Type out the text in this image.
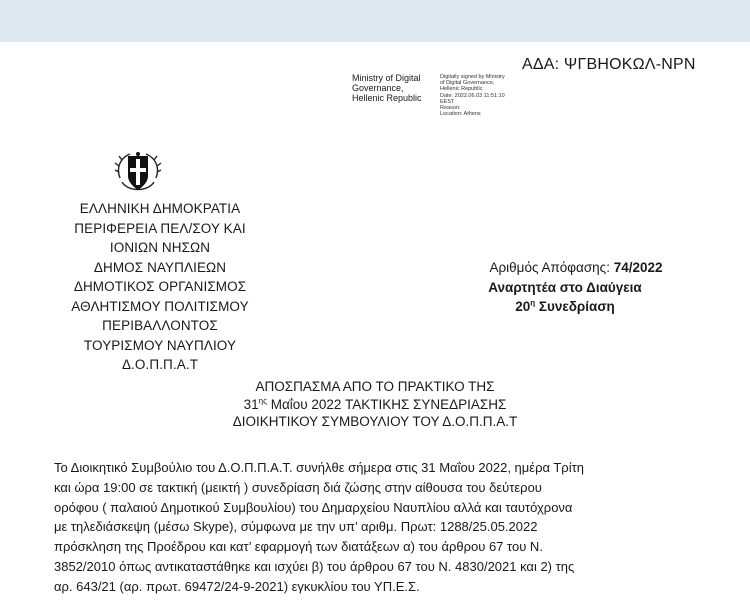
ΑΔΑ: ΨΓΒΗΟΚΩΛ-ΝΡΝ
Ministry of Digital
Governance,
Hellenic Republic
Digitally signed by Ministry
of Digital Governance,
Hellenic Republic
Date: 2022.06.03 11:51:10
EEST
Reason:
Location: Athens
ΕΛΛΗΝΙΚΗ ΔΗΜΟΚΡΑΤΙΑ
ΠΕΡΙΦΕΡΕΙΑ ΠΕΛ/ΣΟΥ ΚΑΙ
ΙΟΝΙΩΝ ΝΗΣΩΝ
ΔΗΜΟΣ ΝΑΥΠΛΙΕΩΝ
ΔΗΜΟΤΙΚΟΣ ΟΡΓΑΝΙΣΜΟΣ
ΑΘΛΗΤΙΣΜΟΥ ΠΟΛΙΤΙΣΜΟΥ
ΠΕΡΙΒΑΛΛΟΝΤΟΣ
ΤΟΥΡΙΣΜΟΥ ΝΑΥΠΛΙΟΥ
Δ.Ο.Π.Π.Α.Τ
Αριθμός Απόφασης: 74/2022
Αναρτητέα στο Διαύγεια
$20^\eta$ Συνεδρίαση
ΑΠΟΣΠΑΣΜΑ ΑΠΟ ΤΟ ΠΡΑΚΤΙΚΟ ΤΗΣ
$31^{\eta\varsigma}$ Μαΐου 2022 ΤΑΚΤΙΚΗΣ ΣΥΝΕΔΡΙΑΣΗΣ
ΔΙΟΙΚΗΤΙΚΟΥ ΣΥΜΒΟΥΛΙΟΥ ΤΟΥ Δ.Ο.Π.Π.Α.Τ
Το Διοικητικό Συμβούλιο του Δ.Ο.Π.Π.Α.Τ. συνήλθε σήμερα στις 31 Μαΐου 2022, ημέρα Τρίτη
και ώρα 19:00 σε τακτική (μεικτή ) συνεδρίαση διά ζώσης στην αίθουσα του δεύτερου
ορόφου ( παλαιού Δημοτικού Συμβουλίου) του Δημαρχείου Ναυπλίου αλλά και ταυτόχρονα
με τηλεδιάσκεψη (μέσω Skype), σύμφωνα με την υπ’ αριθμ. Πρωτ: 1288/25.05.2022
πρόσκληση της Προέδρου και κατ’ εφαρμογή των διατάξεων α) του άρθρου 67 του Ν.
3852/2010 όπως αντικαταστάθηκε και ισχύει β) του άρθρου 67 του Ν. 4830/2021 και 2) της
αρ. 643/21 (αρ. πρωτ. 69472/24-9-2021) εγκυκλίου του ΥΠ.Ε.Σ.
